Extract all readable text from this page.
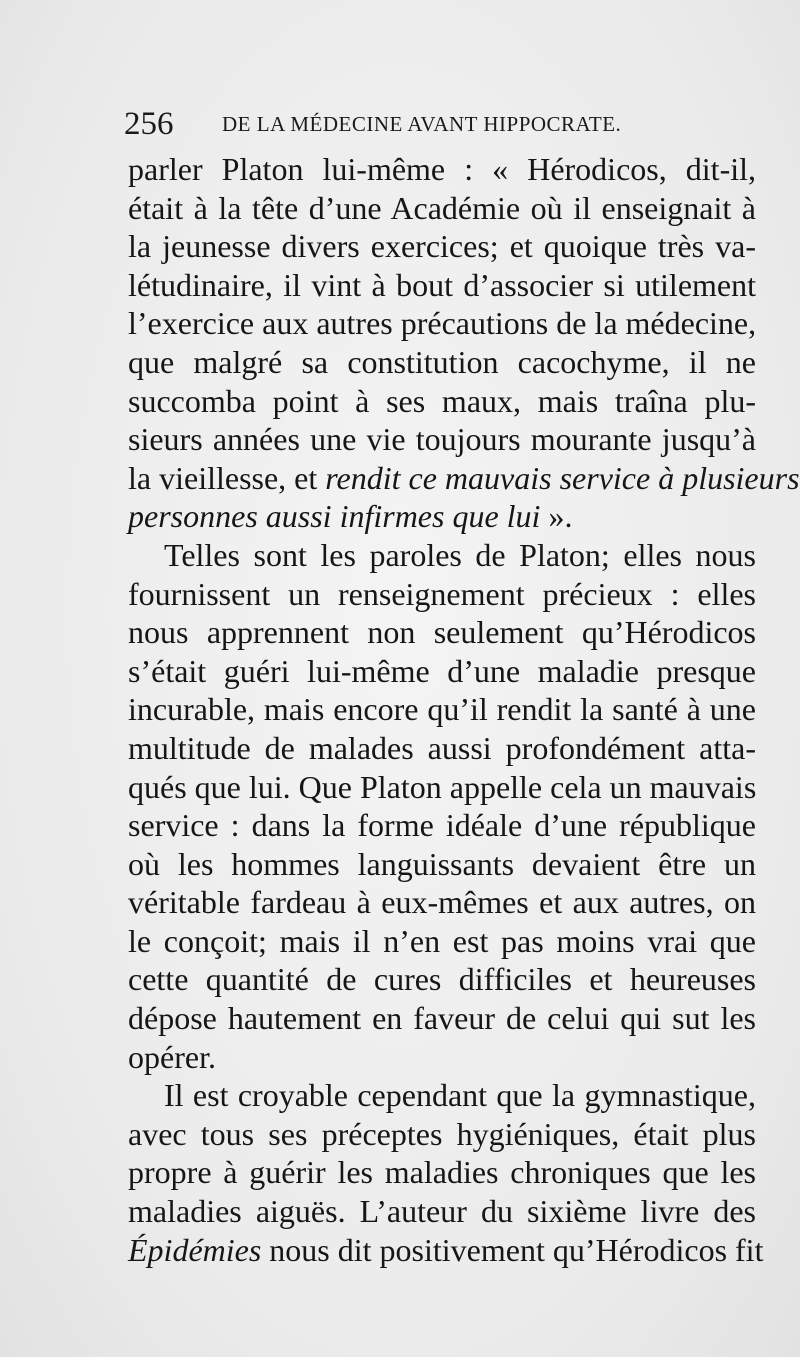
256 DE LA MÉDECINE AVANT HIPPOCRATE.
parler Platon lui-même : « Hérodicos, dit-il,
était à la tête d’une Académie où il enseignait à
la jeunesse divers exercices; et quoique très va-
létudinaire, il vint à bout d’associer si utilement
l’exercice aux autres précautions de la médecine,
que malgré sa constitution cacochyme, il ne
succomba point à ses maux, mais traîna plu-
sieurs années une vie toujours mourante jusqu’à
la vieillesse, et rendit ce mauvais service à plusieurs
personnes aussi infirmes que lui ».
Telles sont les paroles de Platon; elles nous
fournissent un renseignement précieux : elles
nous apprennent non seulement qu’Hérodicos
s’était guéri lui-même d’une maladie presque
incurable, mais encore qu’il rendit la santé à une
multitude de malades aussi profondément atta-
qués que lui. Que Platon appelle cela un mauvais
service : dans la forme idéale d’une république
où les hommes languissants devaient être un
véritable fardeau à eux-mêmes et aux autres, on
le conçoit; mais il n’en est pas moins vrai que
cette quantité de cures difficiles et heureuses
dépose hautement en faveur de celui qui sut les
opérer.
Il est croyable cependant que la gymnastique,
avec tous ses préceptes hygiéniques, était plus
propre à guérir les maladies chroniques que les
maladies aiguës. L’auteur du sixième livre des
Épidémies nous dit positivement qu’Hérodicos fit
